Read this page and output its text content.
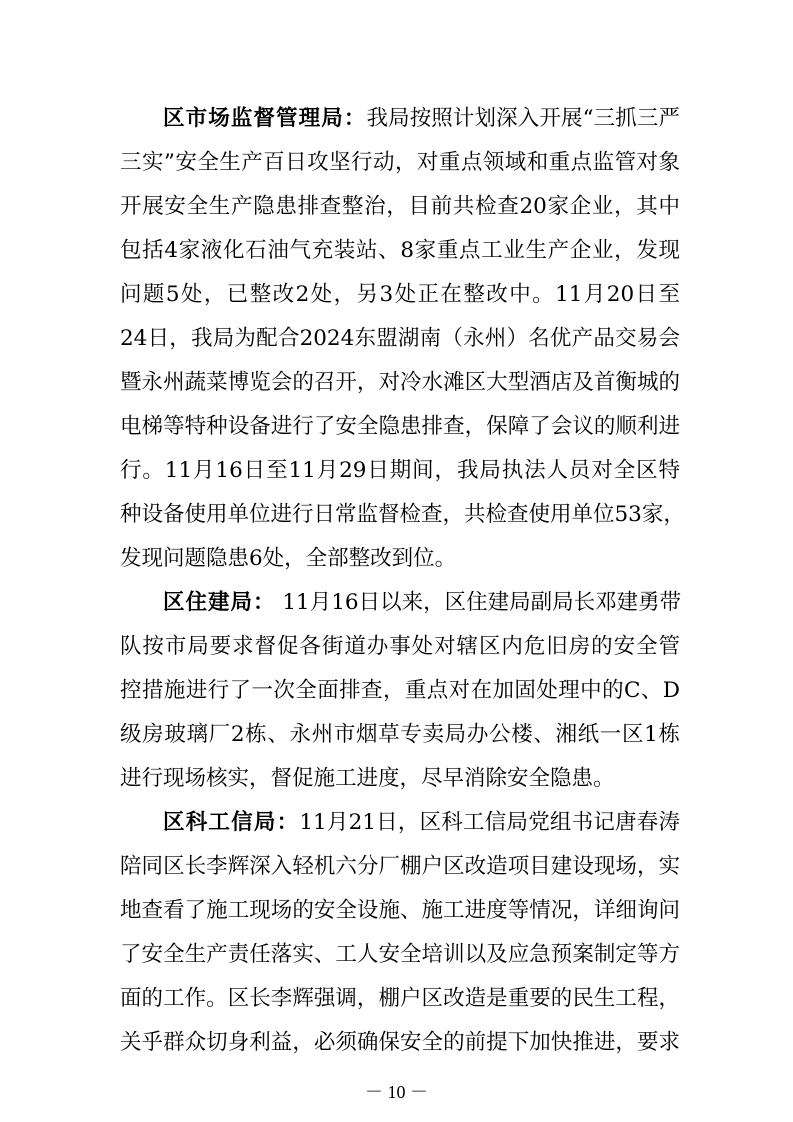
区市场监督管理局：我局按照计划深入开展“三抓三严
三实”安全生产百日攻坚行动，对重点领域和重点监管对象
开展安全生产隐患排查整治，目前共检查20家企业，其中
包括4家液化石油气充装站、8家重点工业生产企业，发现
问题5处，已整改2处，另3处正在整改中。11月20日至
24日，我局为配合2024东盟湖南（永州）名优产品交易会
暨永州蔬菜博览会的召开，对冷水滩区大型酒店及首衡城的
电梯等特种设备进行了安全隐患排查，保障了会议的顺利进
行。11月16日至11月29日期间，我局执法人员对全区特
种设备使用单位进行日常监督检查，共检查使用单位53家，
发现问题隐患6处，全部整改到位。
区住建局： 11月16日以来，区住建局副局长邓建勇带
队按市局要求督促各街道办事处对辖区内危旧房的安全管
控措施进行了一次全面排查，重点对在加固处理中的C、D
级房玻璃厂2栋、永州市烟草专卖局办公楼、湘纸一区1栋
进行现场核实，督促施工进度，尽早消除安全隐患。
区科工信局：11月21日，区科工信局党组书记唐春涛
陪同区长李辉深入轻机六分厂棚户区改造项目建设现场，实
地查看了施工现场的安全设施、施工进度等情况，详细询问
了安全生产责任落实、工人安全培训以及应急预案制定等方
面的工作。区长李辉强调，棚户区改造是重要的民生工程，
关乎群众切身利益，必须确保安全的前提下加快推进，要求
－ 10 －
